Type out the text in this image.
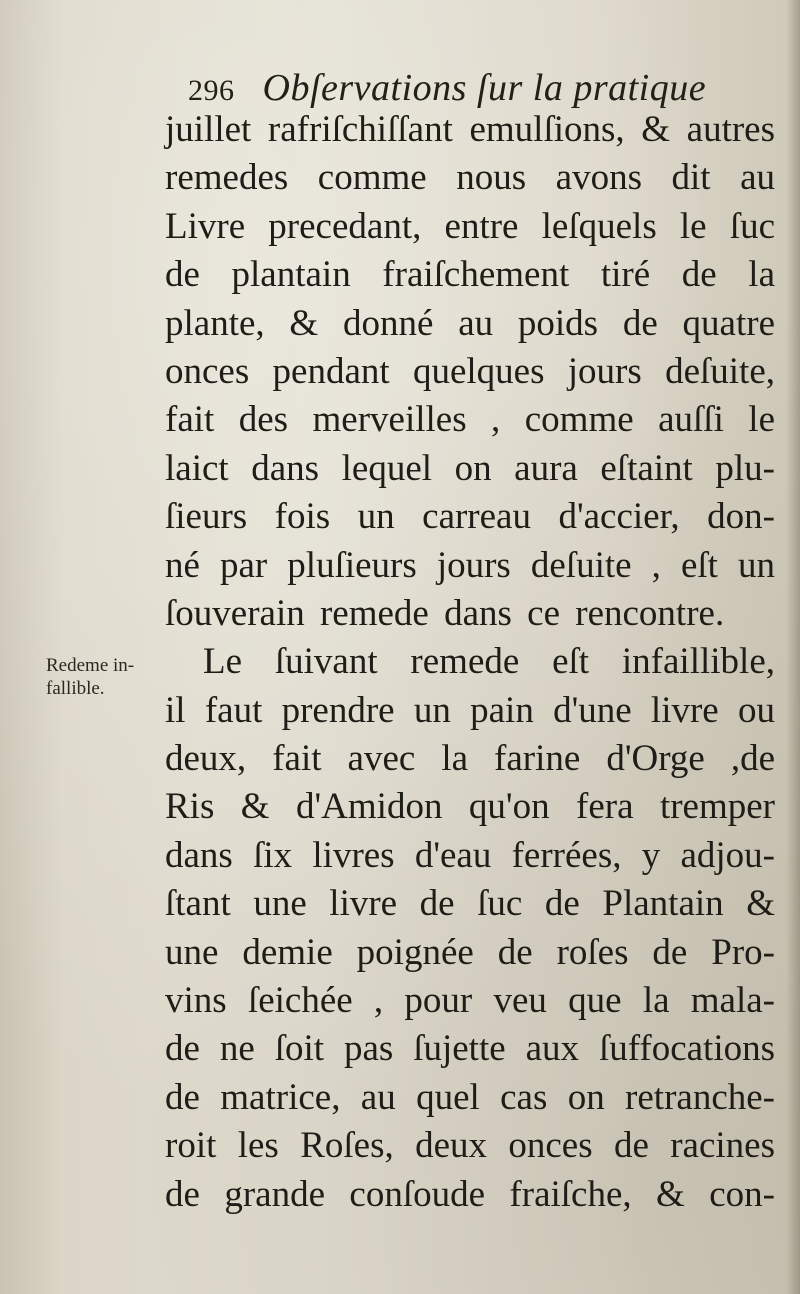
296 Obſervations ſur la pratique
Redeme in-
fallible.
juillet rafriſchiſſant emulſions, & autres
remedes comme nous avons dit au
Livre precedant, entre leſquels le ſuc
de plantain fraiſchement tiré de la
plante, & donné au poids de quatre
onces pendant quelques jours deſuite,
fait des merveilles , comme auſſi le
laict dans lequel on aura eſtaint plu-
ſieurs fois un carreau d'accier, don-
né par pluſieurs jours deſuite , eſt un
ſouverain remede dans ce rencontre.
Le ſuivant remede eſt infaillible,
il faut prendre un pain d'une livre ou
deux, fait avec la farine d'Orge ,de
Ris & d'Amidon qu'on fera tremper
dans ſix livres d'eau ferrées, y adjou-
ſtant une livre de ſuc de Plantain &
une demie poignée de roſes de Pro-
vins ſeichée , pour veu que la mala-
de ne ſoit pas ſujette aux ſuffocations
de matrice, au quel cas on retranche-
roit les Roſes, deux onces de racines
de grande conſoude fraiſche, & con-
